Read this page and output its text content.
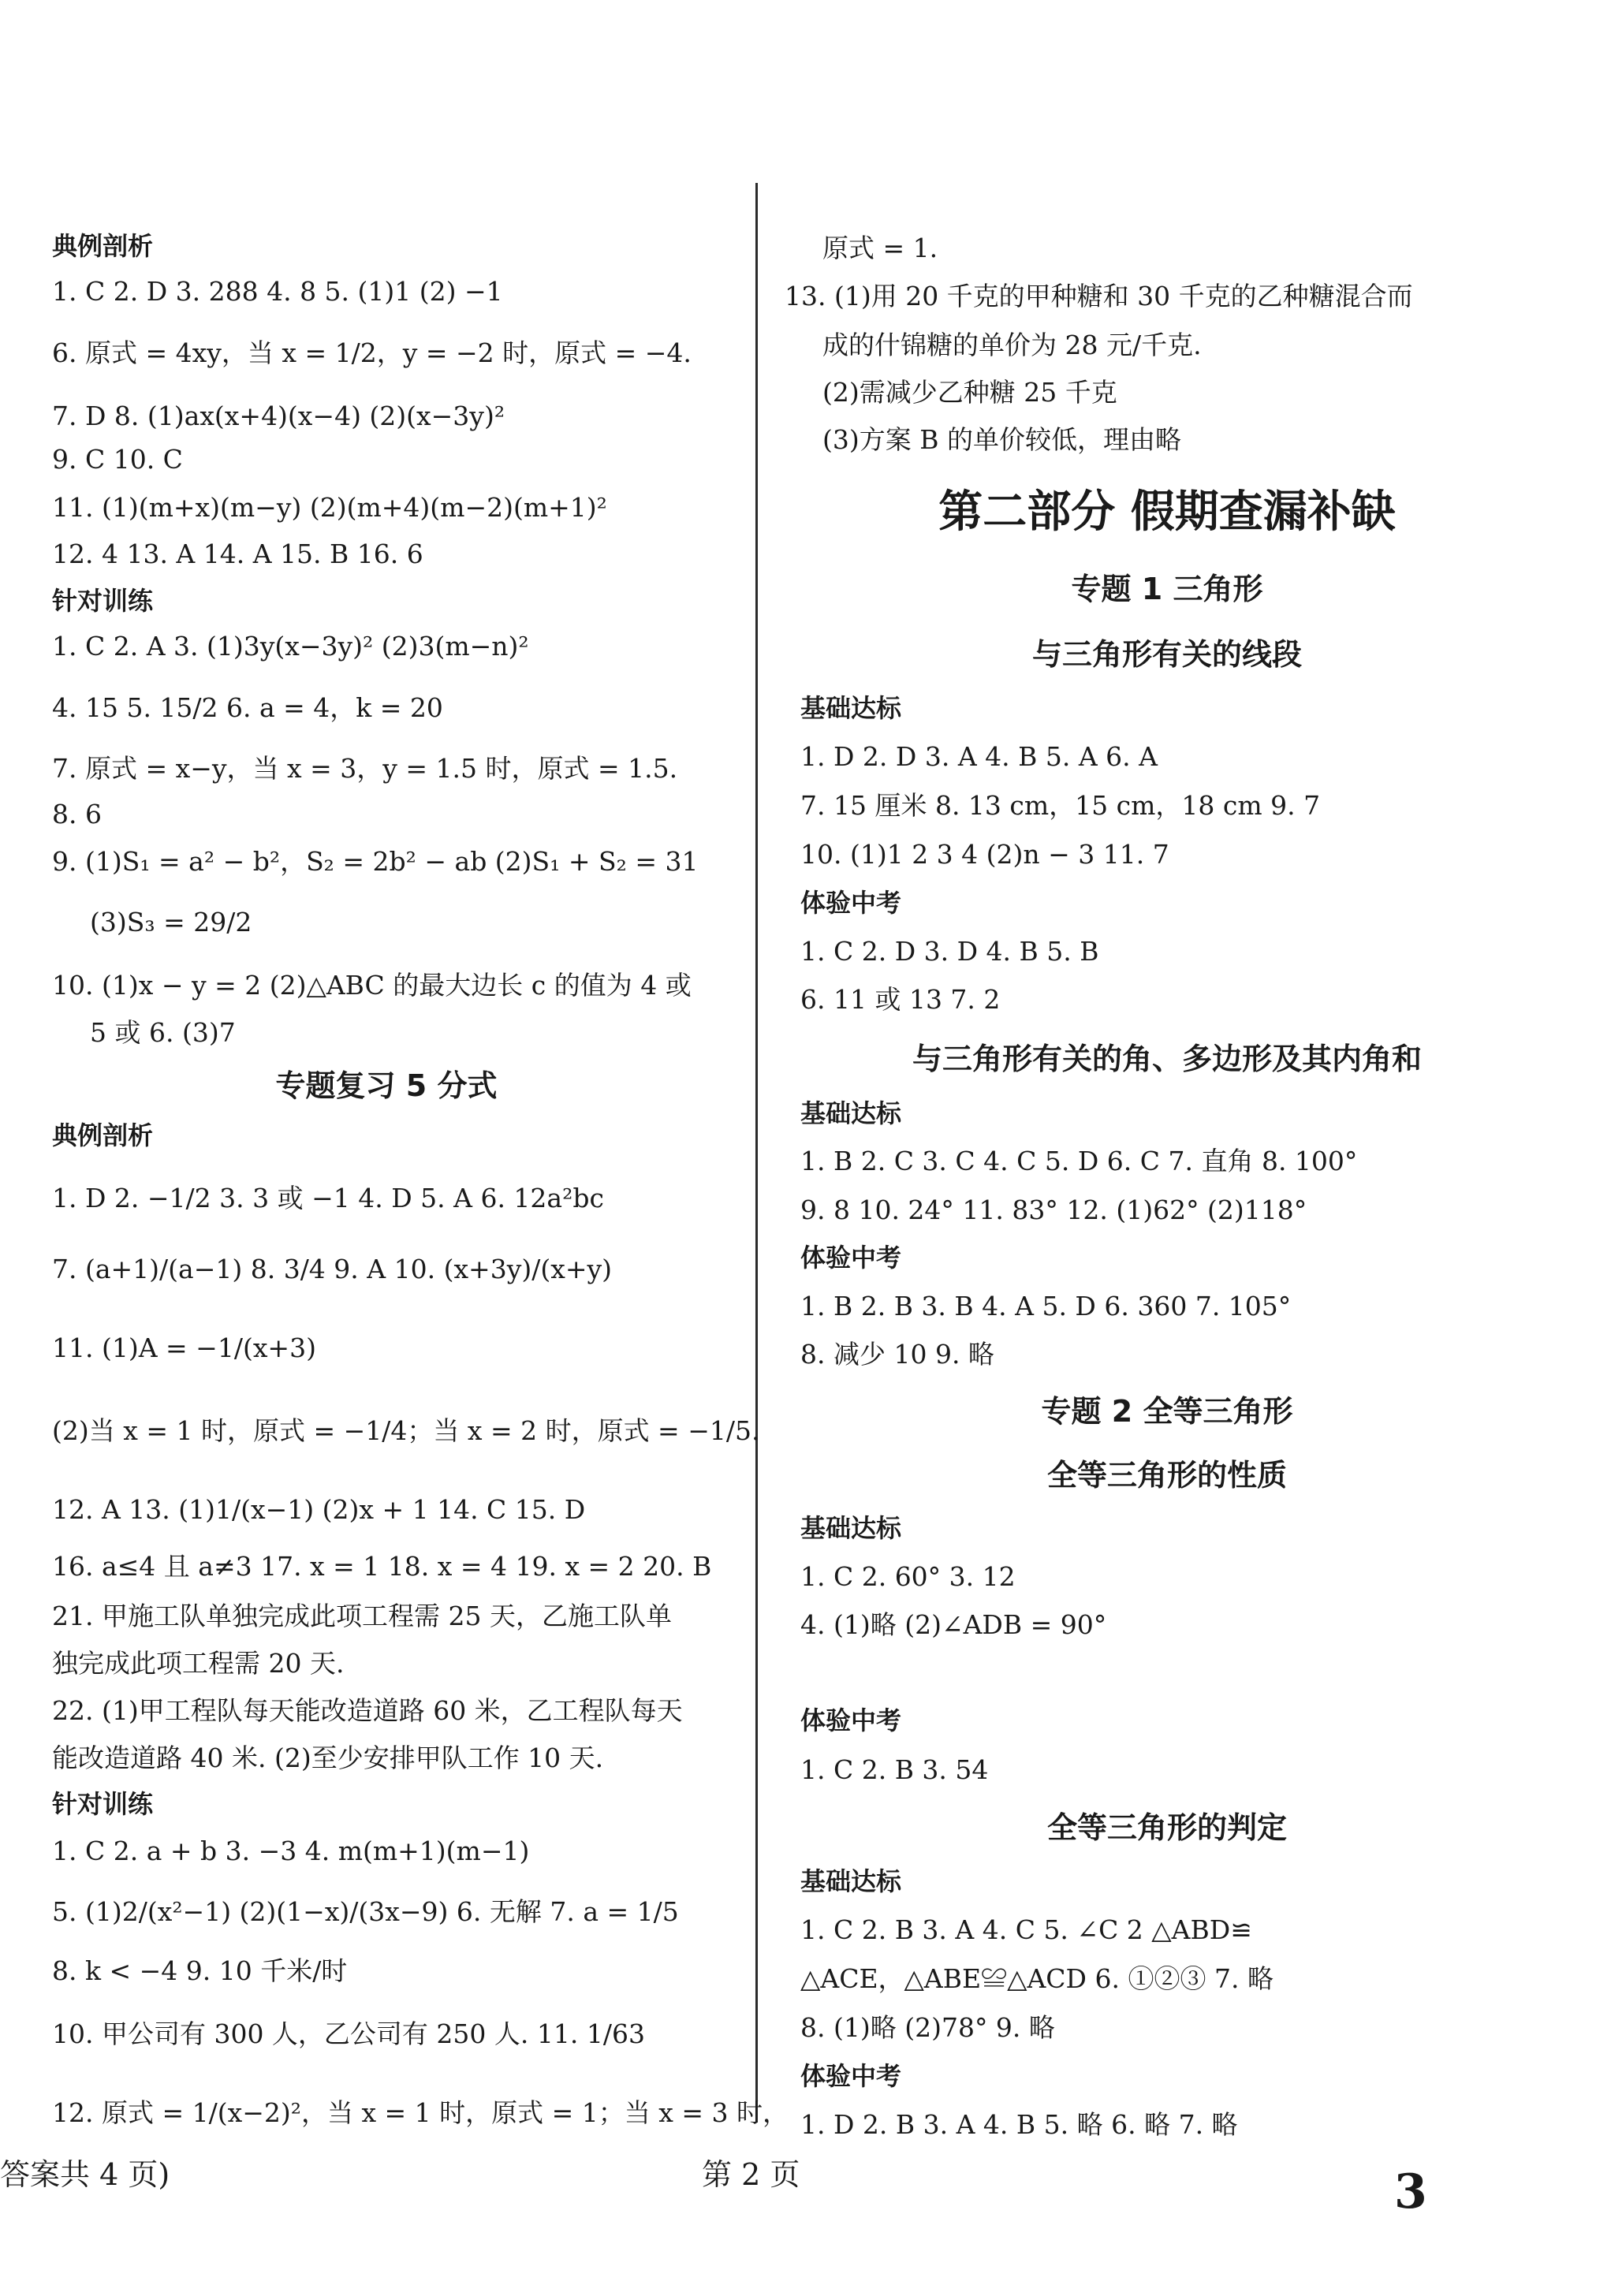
典例剖析
1. C 2. D 3. 288 4. 8 5. (1)1 (2) −1
6. 原式 = 4xy，当 x = 1/2，y = −2 时，原式 = −4.
7. D 8. (1)ax(x+4)(x−4) (2)(x−3y)²
9. C 10. C
11. (1)(m+x)(m−y) (2)(m+4)(m−2)(m+1)²
12. 4 13. A 14. A 15. B 16. 6
针对训练
1. C 2. A 3. (1)3y(x−3y)² (2)3(m−n)²
4. 15 5. 15/2 6. a = 4，k = 20
7. 原式 = x−y，当 x = 3，y = 1.5 时，原式 = 1.5.
8. 6
9. (1)S₁ = a² − b²，S₂ = 2b² − ab (2)S₁ + S₂ = 31
(3)S₃ = 29/2
10. (1)x − y = 2 (2)△ABC 的最大边长 c 的值为 4 或
5 或 6. (3)7
专题复习 5 分式
典例剖析
1. D 2. −1/2 3. 3 或 −1 4. D 5. A 6. 12a²bc
7. (a+1)/(a−1) 8. 3/4 9. A 10. (x+3y)/(x+y)
11. (1)A = −1/(x+3)
(2)当 x = 1 时，原式 = −1/4；当 x = 2 时，原式 = −1/5.
12. A 13. (1)1/(x−1) (2)x + 1 14. C 15. D
16. a≤4 且 a≠3 17. x = 1 18. x = 4 19. x = 2 20. B
21. 甲施工队单独完成此项工程需 25 天，乙施工队单
独完成此项工程需 20 天.
22. (1)甲工程队每天能改造道路 60 米，乙工程队每天
能改造道路 40 米. (2)至少安排甲队工作 10 天.
针对训练
1. C 2. a + b 3. −3 4. m(m+1)(m−1)
5. (1)2/(x²−1) (2)(1−x)/(3x−9) 6. 无解 7. a = 1/5
8. k < −4 9. 10 千米/时
10. 甲公司有 300 人，乙公司有 250 人. 11. 1/63
12. 原式 = 1/(x−2)²，当 x = 1 时，原式 = 1；当 x = 3 时，
原式 = 1.
13. (1)用 20 千克的甲种糖和 30 千克的乙种糖混合而
成的什锦糖的单价为 28 元/千克.
(2)需减少乙种糖 25 千克
(3)方案 B 的单价较低，理由略
第二部分 假期查漏补缺
专题 1 三角形
与三角形有关的线段
基础达标
1. D 2. D 3. A 4. B 5. A 6. A
7. 15 厘米 8. 13 cm，15 cm，18 cm 9. 7
10. (1)1 2 3 4 (2)n − 3 11. 7
体验中考
1. C 2. D 3. D 4. B 5. B
6. 11 或 13 7. 2
与三角形有关的角、多边形及其内角和
基础达标
1. B 2. C 3. C 4. C 5. D 6. C 7. 直角 8. 100°
9. 8 10. 24° 11. 83° 12. (1)62° (2)118°
体验中考
1. B 2. B 3. B 4. A 5. D 6. 360 7. 105°
8. 减少 10 9. 略
专题 2 全等三角形
全等三角形的性质
基础达标
1. C 2. 60° 3. 12
4. (1)略 (2)∠ADB = 90°
体验中考
1. C 2. B 3. 54
全等三角形的判定
基础达标
1. C 2. B 3. A 4. C 5. ∠C 2 △ABD≌
△ACE，△ABE≌△ACD 6. ①②③ 7. 略
8. (1)略 (2)78° 9. 略
体验中考
1. D 2. B 3. A 4. B 5. 略 6. 略 7. 略
答案共 4 页)	第 2 页	3
